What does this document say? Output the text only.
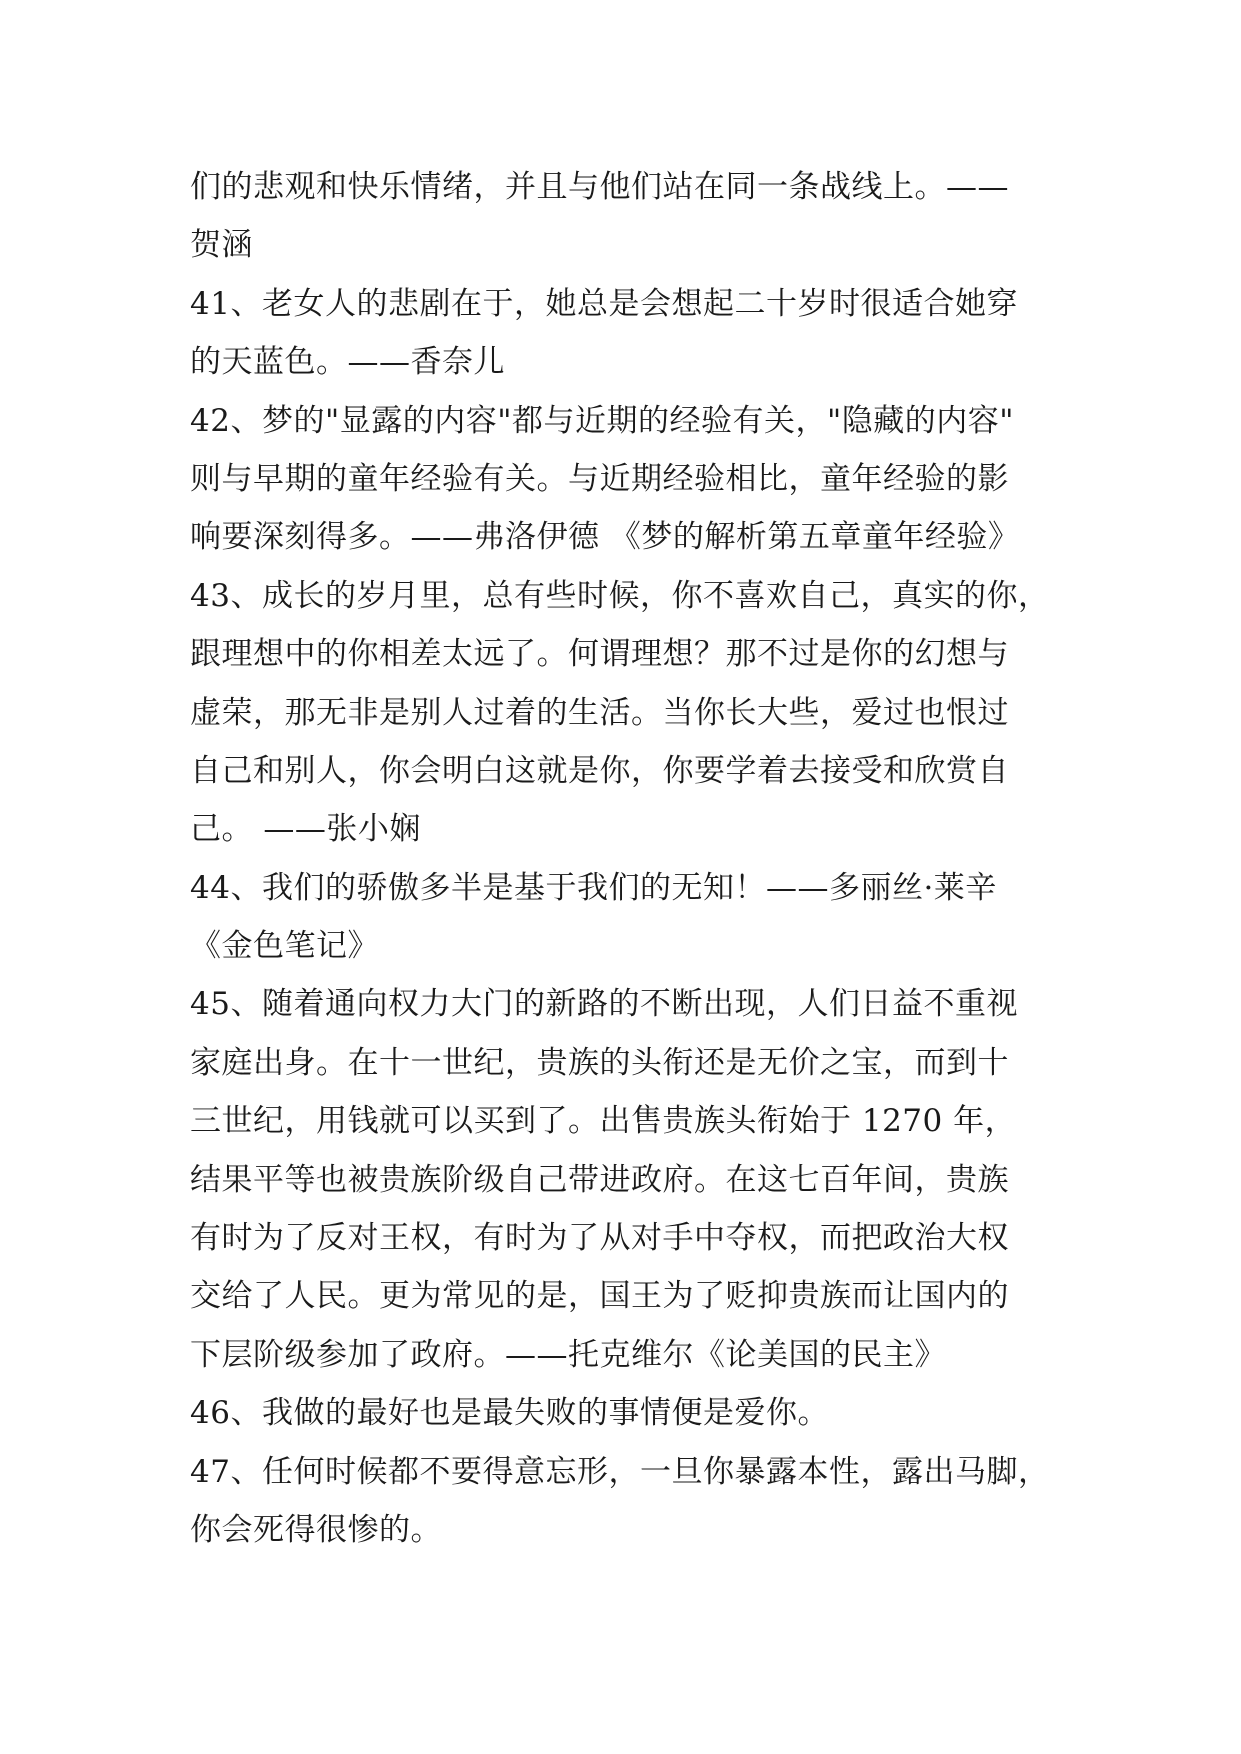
们的悲观和快乐情绪，并且与他们站在同一条战线上。——
贺涵
41、老女人的悲剧在于，她总是会想起二十岁时很适合她穿
的天蓝色。——香奈儿
42、梦的"显露的内容"都与近期的经验有关，"隐藏的内容"
则与早期的童年经验有关。与近期经验相比，童年经验的影
响要深刻得多。——弗洛伊德 《梦的解析第五章童年经验》
43、成长的岁月里，总有些时候，你不喜欢自己，真实的你，
跟理想中的你相差太远了。何谓理想？那不过是你的幻想与
虚荣，那无非是别人过着的生活。当你长大些，爱过也恨过
自己和别人，你会明白这就是你，你要学着去接受和欣赏自
己。 ——张小娴
44、我们的骄傲多半是基于我们的无知！——多丽丝·莱辛
《金色笔记》
45、随着通向权力大门的新路的不断出现，人们日益不重视
家庭出身。在十一世纪，贵族的头衔还是无价之宝，而到十
三世纪，用钱就可以买到了。出售贵族头衔始于 1270 年，
结果平等也被贵族阶级自己带进政府。在这七百年间，贵族
有时为了反对王权，有时为了从对手中夺权，而把政治大权
交给了人民。更为常见的是，国王为了贬抑贵族而让国内的
下层阶级参加了政府。——托克维尔《论美国的民主》
46、我做的最好也是最失败的事情便是爱你。
47、任何时候都不要得意忘形，一旦你暴露本性，露出马脚，
你会死得很惨的。
